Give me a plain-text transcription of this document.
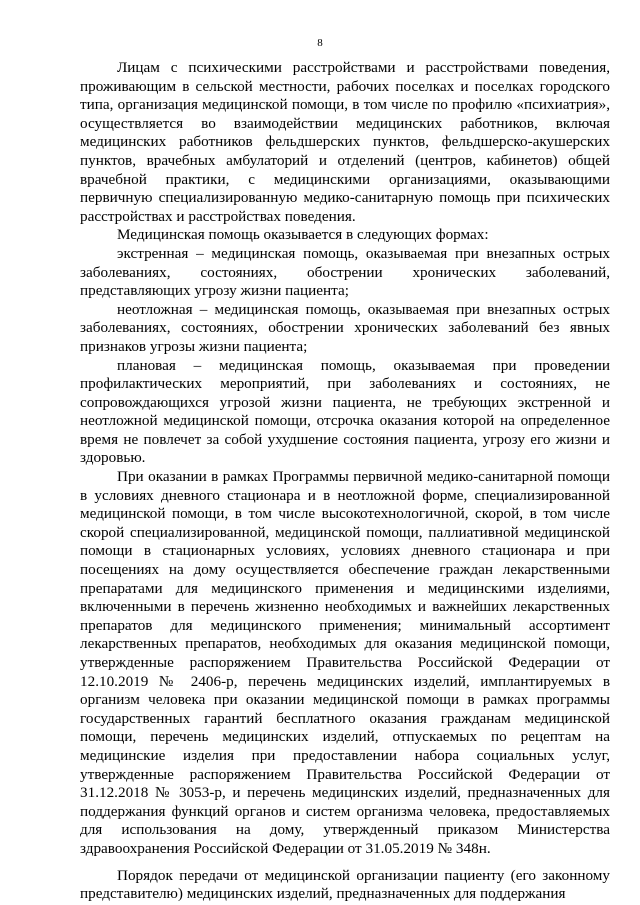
8

Лицам с психическими расстройствами и расстройствами поведения, проживающим в сельской местности, рабочих поселках и поселках городского типа, организация медицинской помощи, в том числе по профилю «психиатрия», осуществляется во взаимодействии медицинских работников, включая медицинских работников фельдшерских пунктов, фельдшерско-акушерских пунктов, врачебных амбулаторий и отделений (центров, кабинетов) общей врачебной практики, с медицинскими организациями, оказывающими первичную специализированную медико-санитарную помощь при психических расстройствах и расстройствах поведения.

Медицинская помощь оказывается в следующих формах:

экстренная – медицинская помощь, оказываемая при внезапных острых заболеваниях, состояниях, обострении хронических заболеваний, представляющих угрозу жизни пациента;

неотложная – медицинская помощь, оказываемая при внезапных острых заболеваниях, состояниях, обострении хронических заболеваний без явных признаков угрозы жизни пациента;

плановая – медицинская помощь, оказываемая при проведении профилактических мероприятий, при заболеваниях и состояниях, не сопровождающихся угрозой жизни пациента, не требующих экстренной и неотложной медицинской помощи, отсрочка оказания которой на определенное время не повлечет за собой ухудшение состояния пациента, угрозу его жизни и здоровью.

При оказании в рамках Программы первичной медико-санитарной помощи в условиях дневного стационара и в неотложной форме, специализированной медицинской помощи, в том числе высокотехнологичной, скорой, в том числе скорой специализированной, медицинской помощи, паллиативной медицинской помощи в стационарных условиях, условиях дневного стационара и при посещениях на дому осуществляется обеспечение граждан лекарственными препаратами для медицинского применения и медицинскими изделиями, включенными в перечень жизненно необходимых и важнейших лекарственных препаратов для медицинского применения; минимальный ассортимент лекарственных препаратов, необходимых для оказания медицинской помощи, утвержденные распоряжением Правительства Российской Федерации от 12.10.2019 № 2406-р, перечень медицинских изделий, имплантируемых в организм человека при оказании медицинской помощи в рамках программы государственных гарантий бесплатного оказания гражданам медицинской помощи, перечень медицинских изделий, отпускаемых по рецептам на медицинские изделия при предоставлении набора социальных услуг, утвержденные распоряжением Правительства Российской Федерации от 31.12.2018 № 3053-р, и перечень медицинских изделий, предназначенных для поддержания функций органов и систем организма человека, предоставляемых для использования на дому, утвержденный приказом Министерства здравоохранения Российской Федерации от 31.05.2019 № 348н.

Порядок передачи от медицинской организации пациенту (его законному представителю) медицинских изделий, предназначенных для поддержания
